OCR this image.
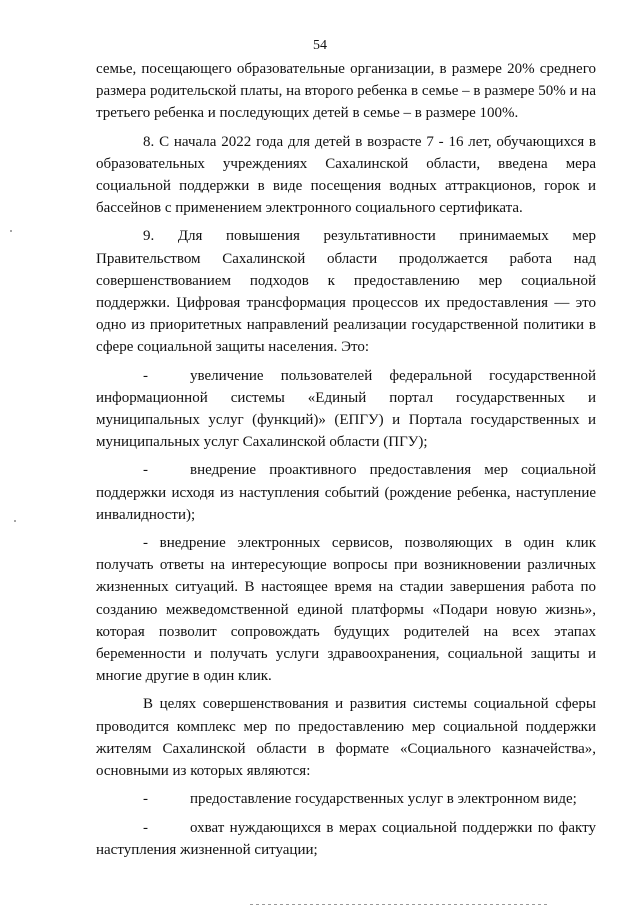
54

семье, посещающего образовательные организации, в размере 20% среднего размера родительской платы, на второго ребенка в семье – в размере 50% и на третьего ребенка и последующих детей в семье – в размере 100%.

8. С начала 2022 года для детей в возрасте 7 - 16 лет, обучающихся в образовательных учреждениях Сахалинской области, введена мера социальной поддержки в виде посещения водных аттракционов, горок и бассейнов с применением электронного социального сертификата.

9. Для повышения результативности принимаемых мер Правительством Сахалинской области продолжается работа над совершенствованием подходов к предоставлению мер социальной поддержки. Цифровая трансформация процессов их предоставления — это одно из приоритетных направлений реализации государственной политики в сфере социальной защиты населения. Это:

-	увеличение пользователей федеральной государственной информационной системы «Единый портал государственных и муниципальных услуг (функций)» (ЕПГУ) и Портала государственных и муниципальных услуг Сахалинской области (ПГУ);

-	внедрение проактивного предоставления мер социальной поддержки исходя из наступления событий (рождение ребенка, наступление инвалидности);

- внедрение электронных сервисов, позволяющих в один клик получать ответы на интересующие вопросы при возникновении различных жизненных ситуаций. В настоящее время на стадии завершения работа по созданию межведомственной единой платформы «Подари новую жизнь», которая позволит сопровождать будущих родителей на всех этапах беременности и получать услуги здравоохранения, социальной защиты и многие другие в один клик.

В целях совершенствования и развития системы социальной сферы проводится комплекс мер по предоставлению мер социальной поддержки жителям Сахалинской области в формате «Социального казначейства», основными из которых являются:

-	предоставление государственных услуг в электронном виде;

-	охват нуждающихся в мерах социальной поддержки по факту наступления жизненной ситуации;
